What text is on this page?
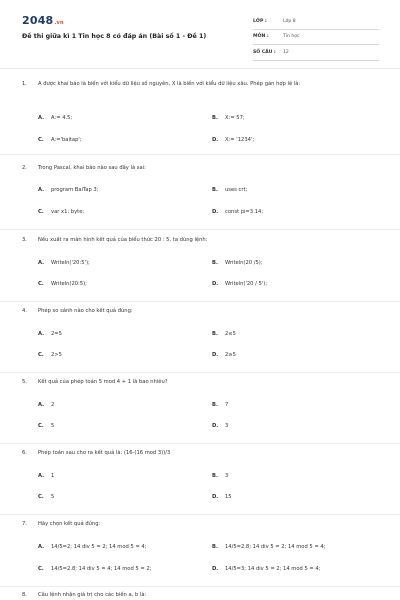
2048.vn
Đề thi giữa kì 1 Tin học 8 có đáp án (Bài số 1 - Đề 1)
LỚP :	Lớp 8
MÔN :	Tin học
SỐ CÂU :	12
1.	A được khai báo là biến với kiểu dữ liệu số nguyên, X là biến với kiểu dữ liệu xâu. Phép gán hợp lệ là:
A.	A:= 4.5;	B.	X:= 57;
C.	A:='baitap';	D.	X:= '1234';
2.	Trong Pascal, khai báo nào sau đây là sai:
A.	program BaiTap 3;	B.	uses crt;
C.	var x1: byte;	D.	const pi=3.14;
3.	Nếu xuất ra màn hình kết quả của biểu thức 20 : 5, ta dùng lệnh:
A.	Writeln('20:5');	B.	Writeln(20 /5);
C.	Writeln(20:5);	D.	Writeln('20 / 5');
4.	Phép so sánh nào cho kết quả đúng:
A.	2=5	B.	2≤5
C.	2>5	D.	2≥5
5.	Kết quả của phép toán 5 mod 4 + 1 là bao nhiêu?
A.	2	B.	7
C.	5	D.	3
6.	Phép toán sau cho ra kết quả là: (16-(16 mod 3))/3
A.	1	B.	3
C.	5	D.	15
7.	Hãy chọn kết quả đúng:
A.	14/5=2; 14 div 5 = 2; 14 mod 5 = 4;	B.	14/5=2.8; 14 div 5 = 2; 14 mod 5 = 4;
C.	14/5=2.8; 14 div 5 = 4; 14 mod 5 = 2;	D.	14/5=3; 14 div 5 = 2; 14 mod 5 = 4;
8.	Câu lệnh nhận giá trị cho các biến a, b là:
